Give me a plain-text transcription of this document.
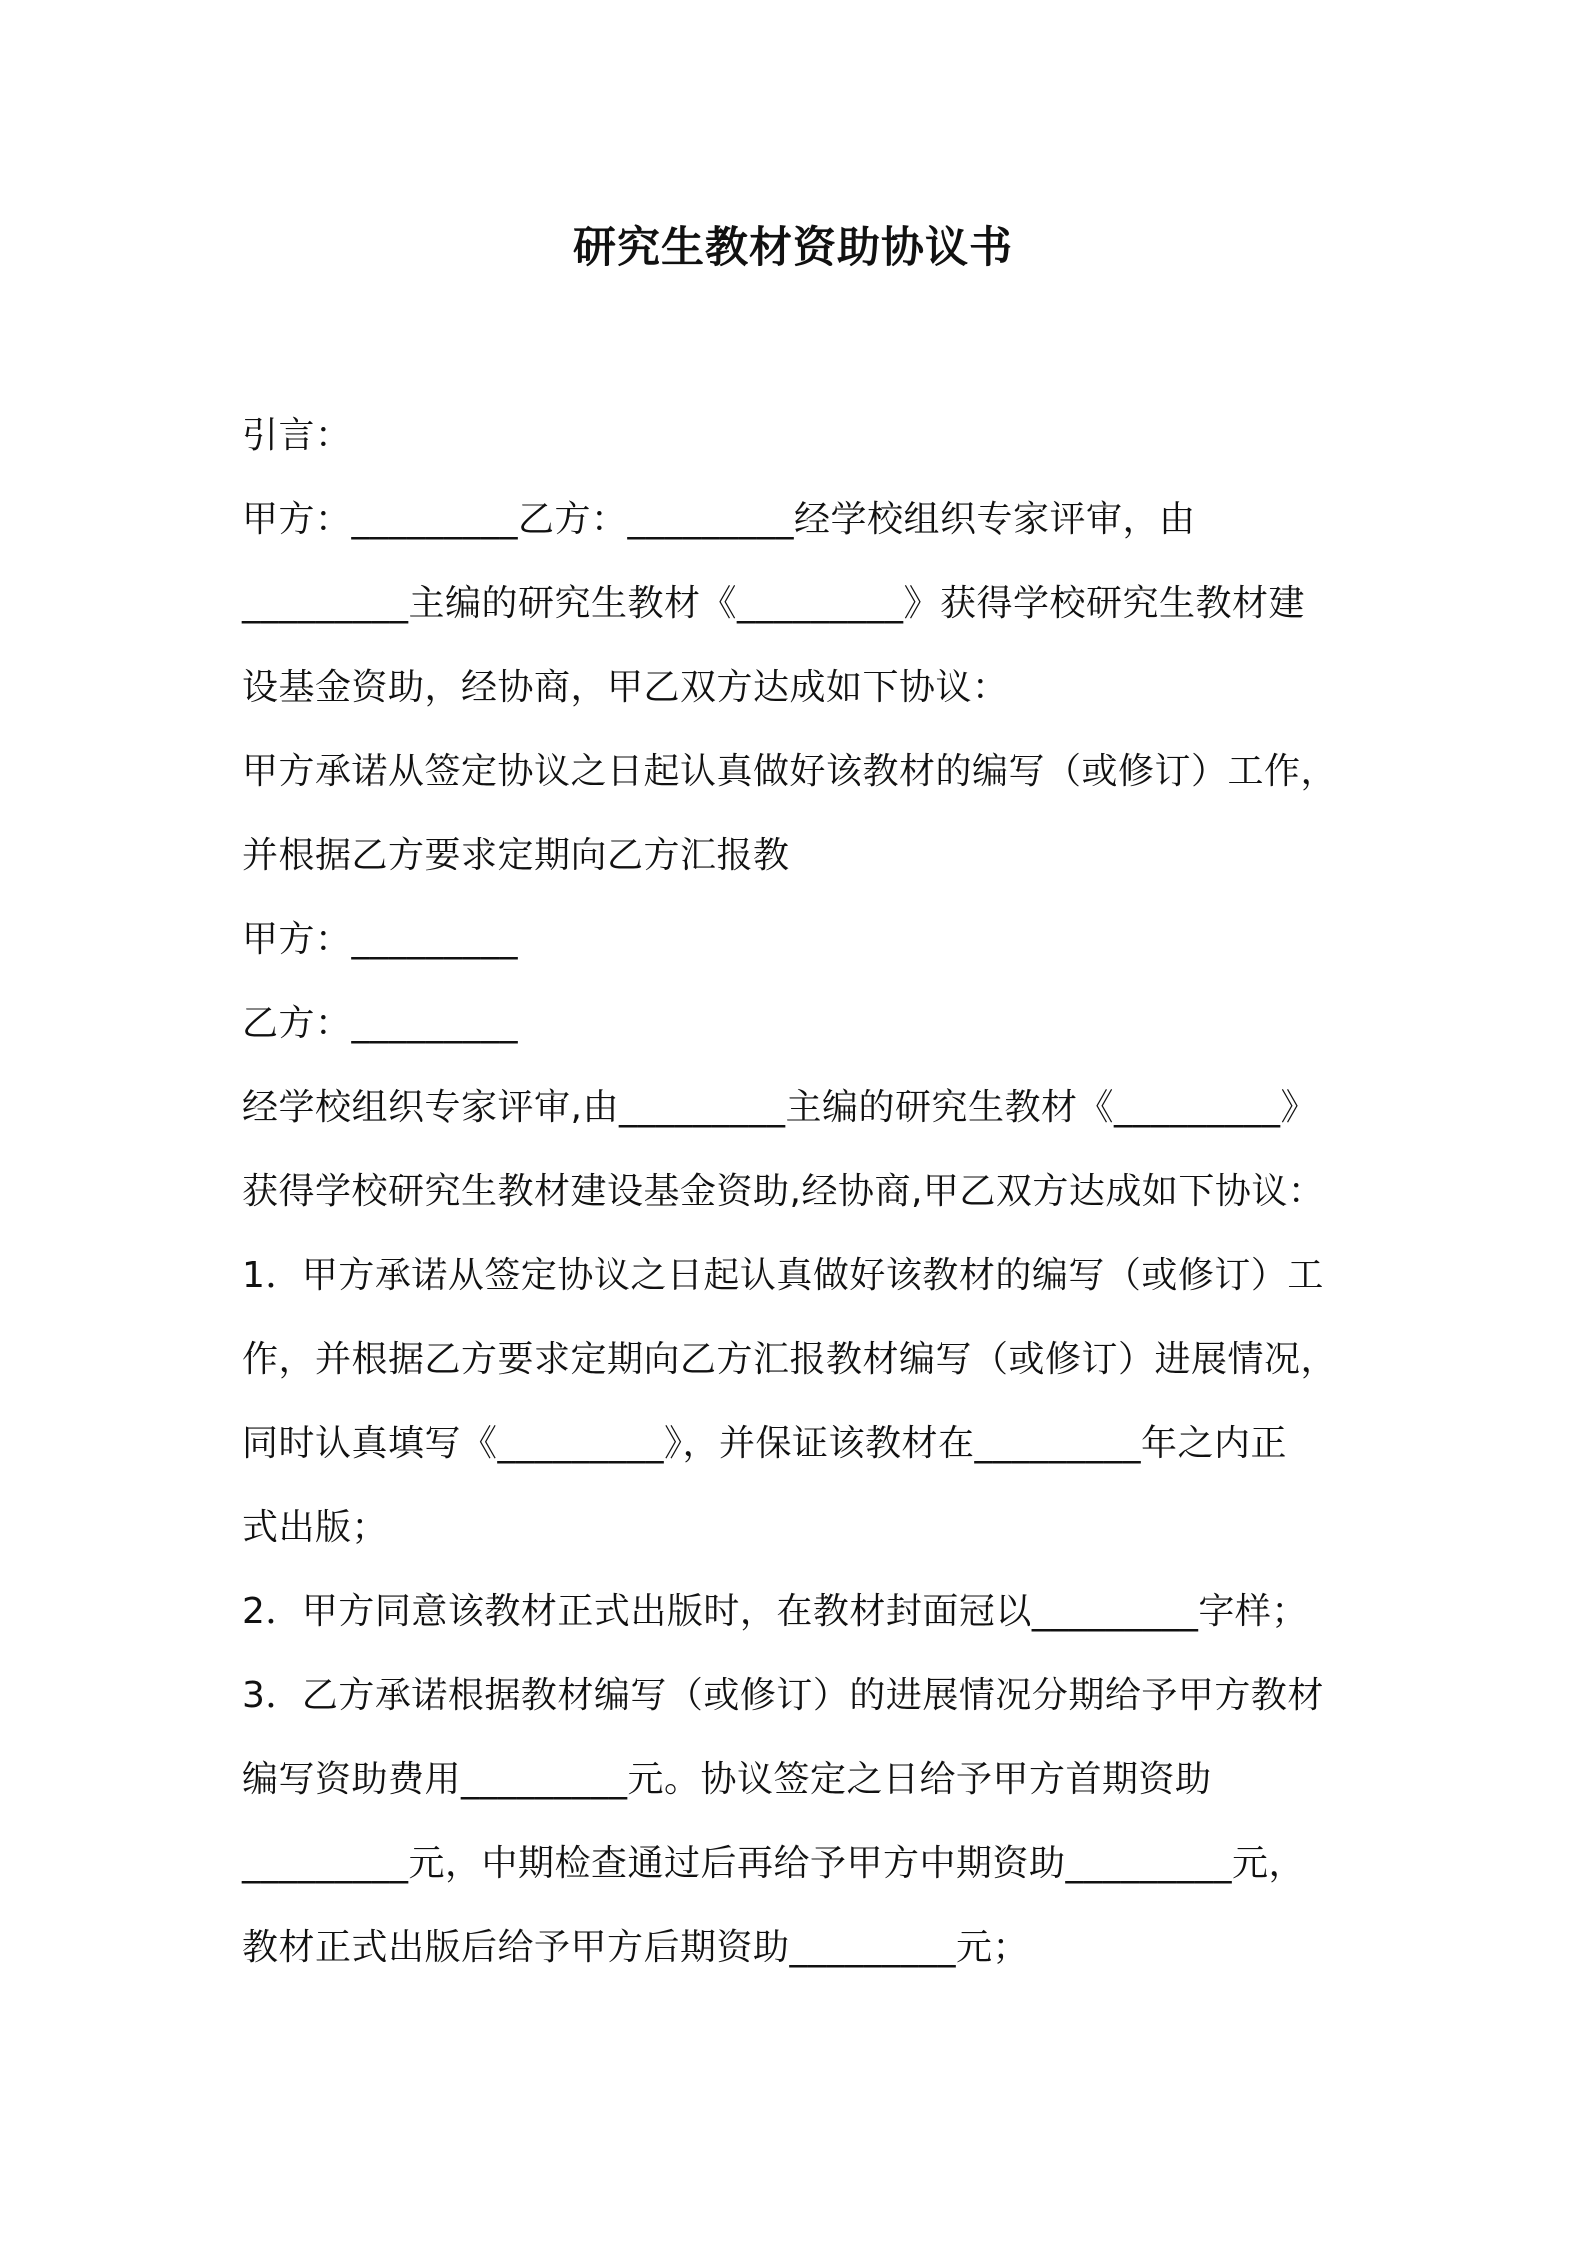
研究生教材资助协议书

引言：

甲方：_________乙方：_________经学校组织专家评审，由

_________主编的研究生教材《_________》获得学校研究生教材建

设基金资助，经协商，甲乙双方达成如下协议：

甲方承诺从签定协议之日起认真做好该教材的编写（或修订）工作，

并根据乙方要求定期向乙方汇报教

甲方：_________

乙方：_________

经学校组织专家评审,由_________主编的研究生教材《_________》

获得学校研究生教材建设基金资助,经协商,甲乙双方达成如下协议：

1．甲方承诺从签定协议之日起认真做好该教材的编写（或修订）工

作，并根据乙方要求定期向乙方汇报教材编写（或修订）进展情况，

同时认真填写《_________》，并保证该教材在_________年之内正

式出版；

2．甲方同意该教材正式出版时，在教材封面冠以_________字样；

3．乙方承诺根据教材编写（或修订）的进展情况分期给予甲方教材

编写资助费用_________元。协议签定之日给予甲方首期资助

_________元，中期检查通过后再给予甲方中期资助_________元，

教材正式出版后给予甲方后期资助_________元；
